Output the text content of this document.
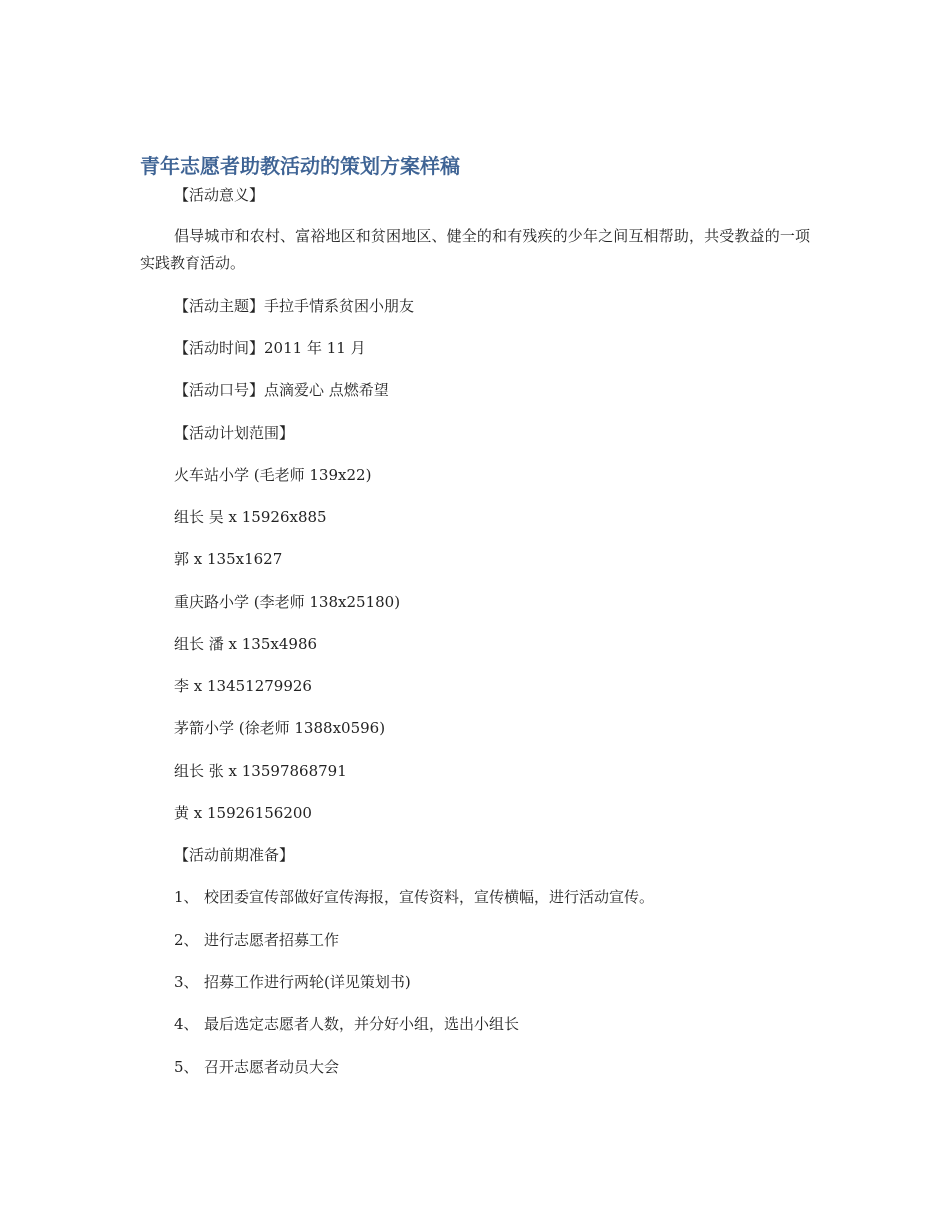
青年志愿者助教活动的策划方案样稿
【活动意义】
倡导城市和农村、富裕地区和贫困地区、健全的和有残疾的少年之间互相帮助，共受教益的一项实践教育活动。
【活动主题】手拉手情系贫困小朋友
【活动时间】2011 年 11 月
【活动口号】点滴爱心 点燃希望
【活动计划范围】
火车站小学 (毛老师 139x22)
组长 吴 x 15926x885
郭 x 135x1627
重庆路小学 (李老师 138x25180)
组长 潘 x 135x4986
李 x 13451279926
茅箭小学 (徐老师 1388x0596)
组长 张 x 13597868791
黄 x 15926156200
【活动前期准备】
1、 校团委宣传部做好宣传海报，宣传资料，宣传横幅，进行活动宣传。
2、 进行志愿者招募工作
3、 招募工作进行两轮(详见策划书)
4、 最后选定志愿者人数，并分好小组，选出小组长
5、 召开志愿者动员大会
